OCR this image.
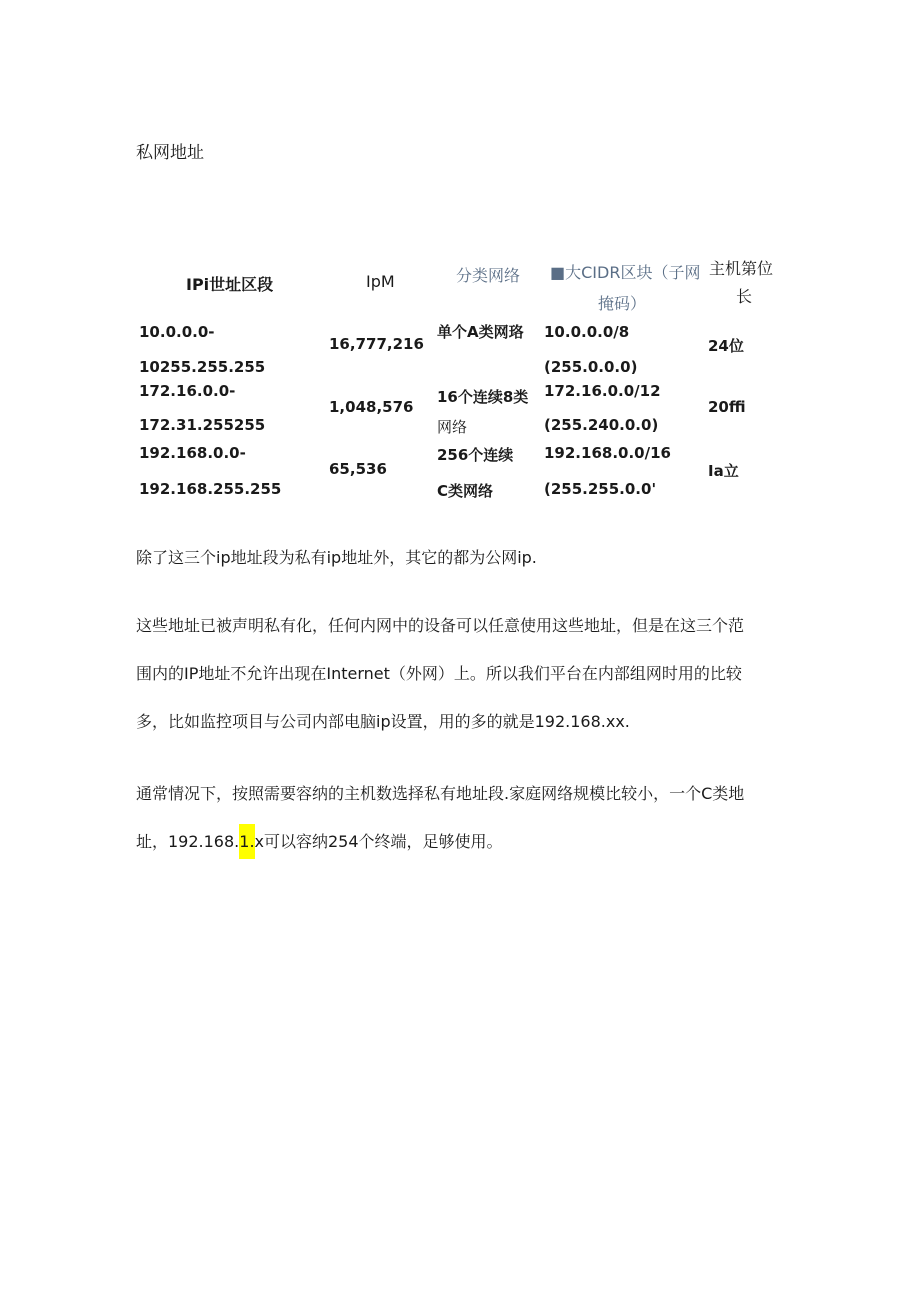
私网地址
IPi世址区段	IpM	分类网络 ■大CIDR区块（子网
掩码）
主机第位
长
10.0.0.0-
10255.255.255
16,777,216
单个A类网珞 10.0.0.0/8
(255.0.0.0)
24位
172.16.0.0-
172.31.255255
1,048,576
16个连续8类
网络
172.16.0.0/12
(255.240.0.0)
20ffi
192.168.0.0-
192.168.255.255
65,536
256个连续
C类网络
192.168.0.0/16
(255.255.0.0'
Ia立
除了这三个ip地址段为私有ip地址外，其它的都为公网ip.
这些地址已被声明私有化，任何内网中的设备可以任意使用这些地址，但是在这三个范
围内的IP地址不允许出现在Internet（外网）上。所以我们平台在内部组网时用的比较
多，比如监控项目与公司内部电脑ip设置，用的多的就是192.168.xx.
通常情况下，按照需要容纳的主机数选择私有地址段.家庭网络规模比较小，一个C类地
址，192.168.1.x可以容纳254个终端，足够使用。
